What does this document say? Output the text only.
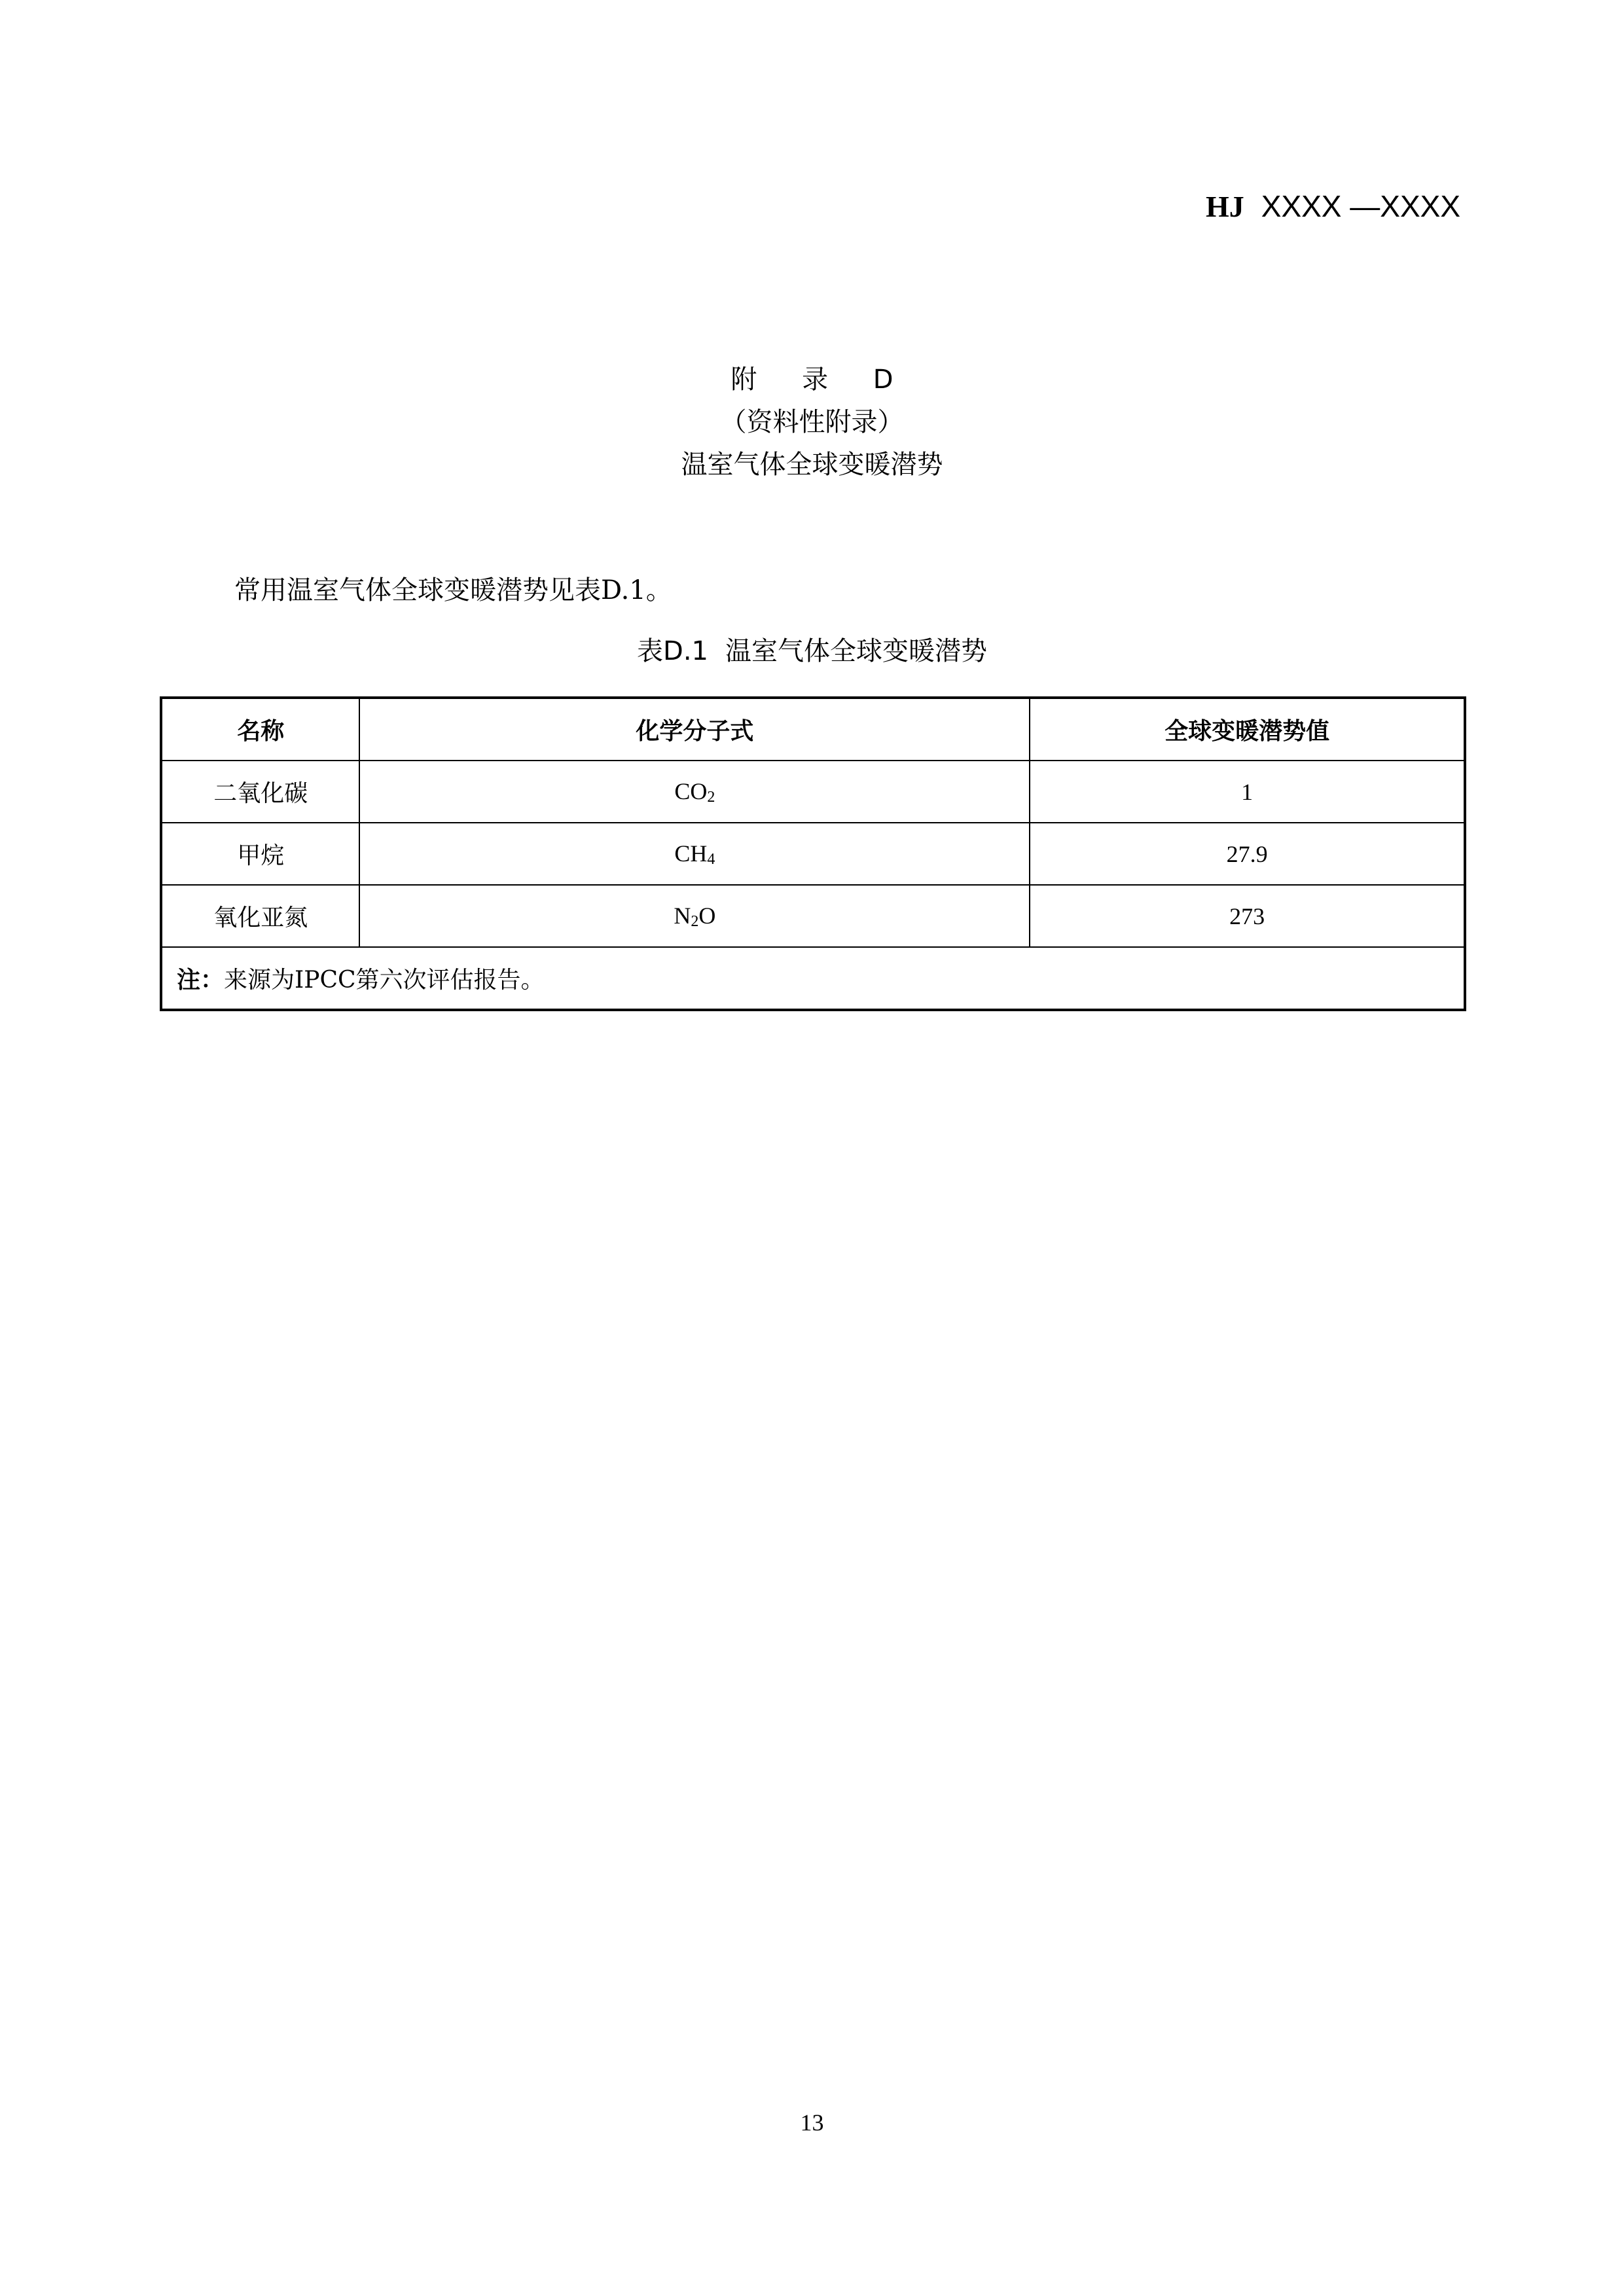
HJ XXXX —XXXX
附 录 D
（资料性附录）
温室气体全球变暖潜势
常用温室气体全球变暖潜势见表D.1。
表D.1 温室气体全球变暖潜势
名称	化学分子式	全球变暖潜势值
二氧化碳	$CO_2$	1
甲烷	$CH_4$	27.9
氧化亚氮	$N_2O$	273
注：来源为IPCC第六次评估报告。		
13
